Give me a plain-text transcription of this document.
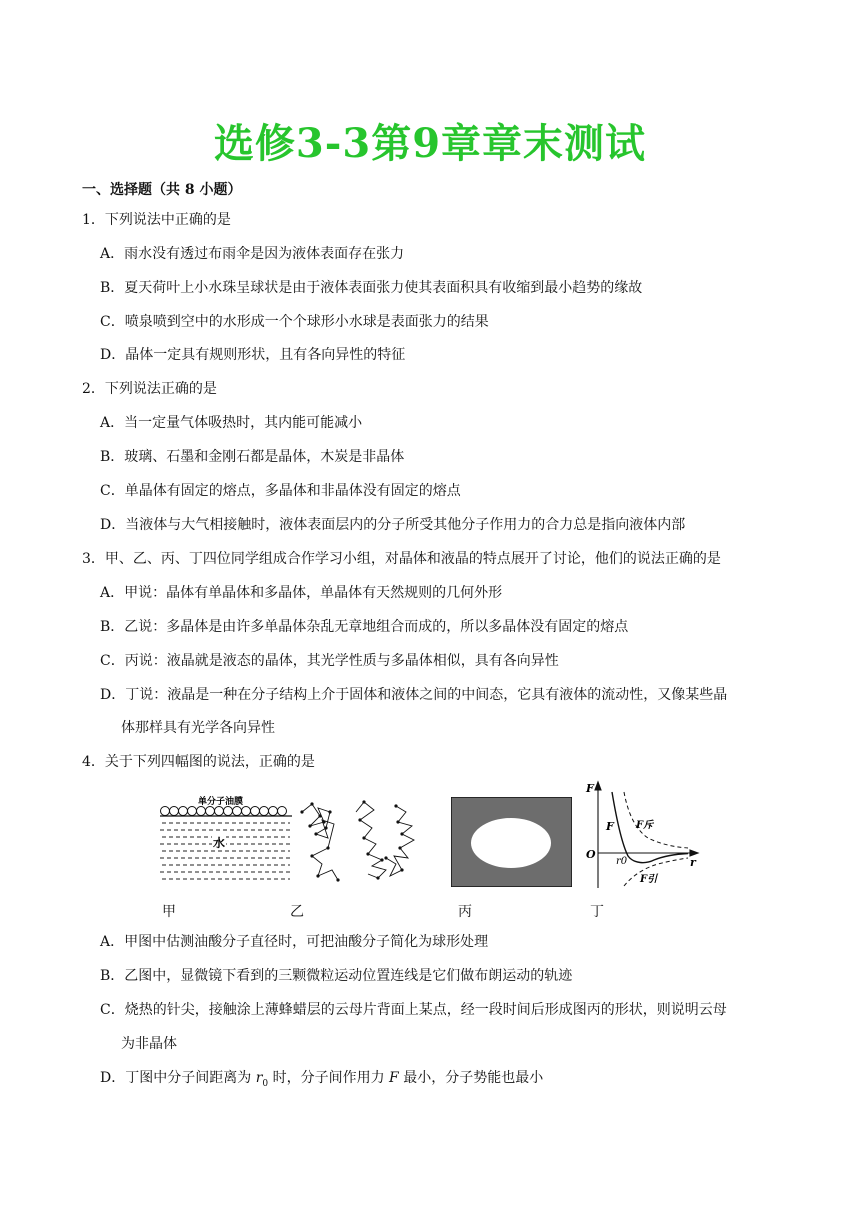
选修3-3第9章章末测试
一、选择题（共 8 小题）
1．下列说法中正确的是
A．雨水没有透过布雨伞是因为液体表面存在张力
B．夏天荷叶上小水珠呈球状是由于液体表面张力使其表面积具有收缩到最小趋势的缘故
C．喷泉喷到空中的水形成一个个球形小水球是表面张力的结果
D．晶体一定具有规则形状，且有各向异性的特征
2．下列说法正确的是
A．当一定量气体吸热时，其内能可能减小
B．玻璃、石墨和金刚石都是晶体，木炭是非晶体
C．单晶体有固定的熔点，多晶体和非晶体没有固定的熔点
D．当液体与大气相接触时，液体表面层内的分子所受其他分子作用力的合力总是指向液体内部
3．甲、乙、丙、丁四位同学组成合作学习小组，对晶体和液晶的特点展开了讨论，他们的说法正确的是
A．甲说：晶体有单晶体和多晶体，单晶体有天然规则的几何外形
B．乙说：多晶体是由许多单晶体杂乱无章地组合而成的，所以多晶体没有固定的熔点
C．丙说：液晶就是液态的晶体，其光学性质与多晶体相似，具有各向异性
D．丁说：液晶是一种在分子结构上介于固体和液体之间的中间态，它具有液体的流动性，又像某些晶
体那样具有光学各向异性
4．关于下列四幅图的说法，正确的是
单分子油膜
水
F
r
O
F F斥
r0
F引
甲	乙	丙	丁
A．甲图中估测油酸分子直径时，可把油酸分子简化为球形处理
B．乙图中，显微镜下看到的三颗微粒运动位置连线是它们做布朗运动的轨迹
C．烧热的针尖，接触涂上薄蜂蜡层的云母片背面上某点，经一段时间后形成图丙的形状，则说明云母
为非晶体
D．丁图中分子间距离为 $r_0$ 时，分子间作用力 F 最小，分子势能也最小
